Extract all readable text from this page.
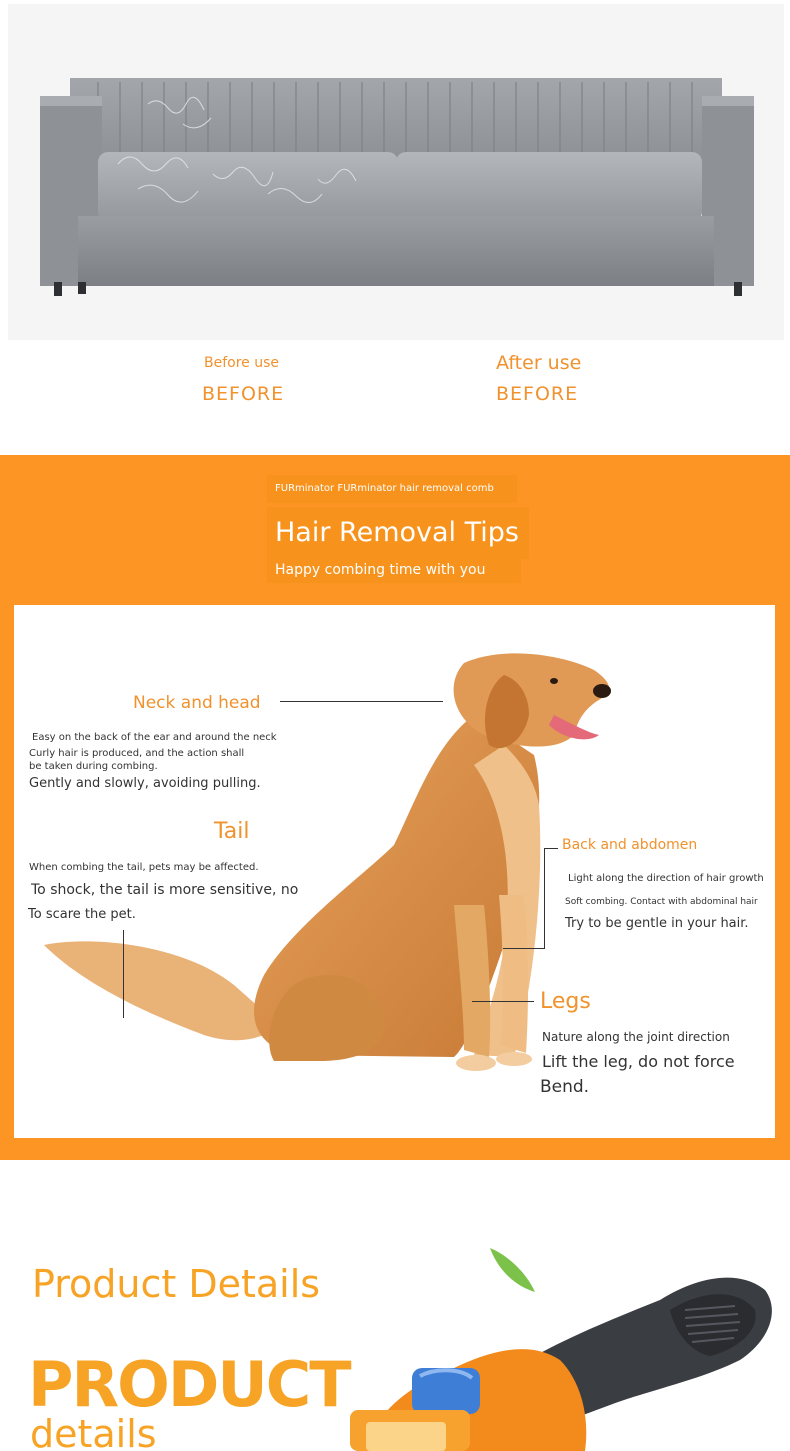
Before use
BEFORE
After use
BEFORE
FURminator FURminator hair removal comb
Hair Removal Tips
Happy combing time with you
Neck and head
Easy on the back of the ear and around the neck
Curly hair is produced, and the action shall be taken during combing.
Gently and slowly, avoiding pulling.
Tail
When combing the tail, pets may be affected.
To shock, the tail is more sensitive, no
To scare the pet.
Back and abdomen
Light along the direction of hair growth
Soft combing. Contact with abdominal hair
Try to be gentle in your hair.
Legs
Nature along the joint direction
Lift the leg, do not force
Bend.
Product Details
PRODUCT
details
